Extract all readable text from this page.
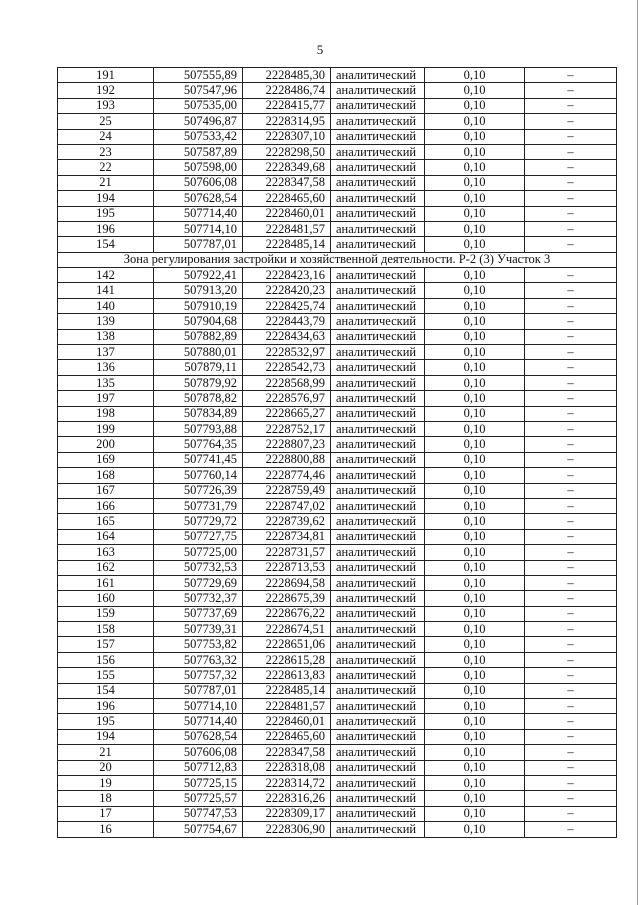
5
191	507555,89	2228485,30	аналитический	0,10	–
192	507547,96	2228486,74	аналитический	0,10	–
193	507535,00	2228415,77	аналитический	0,10	–
25	507496,87	2228314,95	аналитический	0,10	–
24	507533,42	2228307,10	аналитический	0,10	–
23	507587,89	2228298,50	аналитический	0,10	–
22	507598,00	2228349,68	аналитический	0,10	–
21	507606,08	2228347,58	аналитический	0,10	–
194	507628,54	2228465,60	аналитический	0,10	–
195	507714,40	2228460,01	аналитический	0,10	–
196	507714,10	2228481,57	аналитический	0,10	–
154	507787,01	2228485,14	аналитический	0,10	–
Зона регулирования застройки и хозяйственной деятельности. Р-2 (3) Участок 3					
142	507922,41	2228423,16	аналитический	0,10	–
141	507913,20	2228420,23	аналитический	0,10	–
140	507910,19	2228425,74	аналитический	0,10	–
139	507904,68	2228443,79	аналитический	0,10	–
138	507882,89	2228434,63	аналитический	0,10	–
137	507880,01	2228532,97	аналитический	0,10	–
136	507879,11	2228542,73	аналитический	0,10	–
135	507879,92	2228568,99	аналитический	0,10	–
197	507878,82	2228576,97	аналитический	0,10	–
198	507834,89	2228665,27	аналитический	0,10	–
199	507793,88	2228752,17	аналитический	0,10	–
200	507764,35	2228807,23	аналитический	0,10	–
169	507741,45	2228800,88	аналитический	0,10	–
168	507760,14	2228774,46	аналитический	0,10	–
167	507726,39	2228759,49	аналитический	0,10	–
166	507731,79	2228747,02	аналитический	0,10	–
165	507729,72	2228739,62	аналитический	0,10	–
164	507727,75	2228734,81	аналитический	0,10	–
163	507725,00	2228731,57	аналитический	0,10	–
162	507732,53	2228713,53	аналитический	0,10	–
161	507729,69	2228694,58	аналитический	0,10	–
160	507732,37	2228675,39	аналитический	0,10	–
159	507737,69	2228676,22	аналитический	0,10	–
158	507739,31	2228674,51	аналитический	0,10	–
157	507753,82	2228651,06	аналитический	0,10	–
156	507763,32	2228615,28	аналитический	0,10	–
155	507757,32	2228613,83	аналитический	0,10	–
154	507787,01	2228485,14	аналитический	0,10	–
196	507714,10	2228481,57	аналитический	0,10	–
195	507714,40	2228460,01	аналитический	0,10	–
194	507628,54	2228465,60	аналитический	0,10	–
21	507606,08	2228347,58	аналитический	0,10	–
20	507712,83	2228318,08	аналитический	0,10	–
19	507725,15	2228314,72	аналитический	0,10	–
18	507725,57	2228316,26	аналитический	0,10	–
17	507747,53	2228309,17	аналитический	0,10	–
16	507754,67	2228306,90	аналитический	0,10	–
